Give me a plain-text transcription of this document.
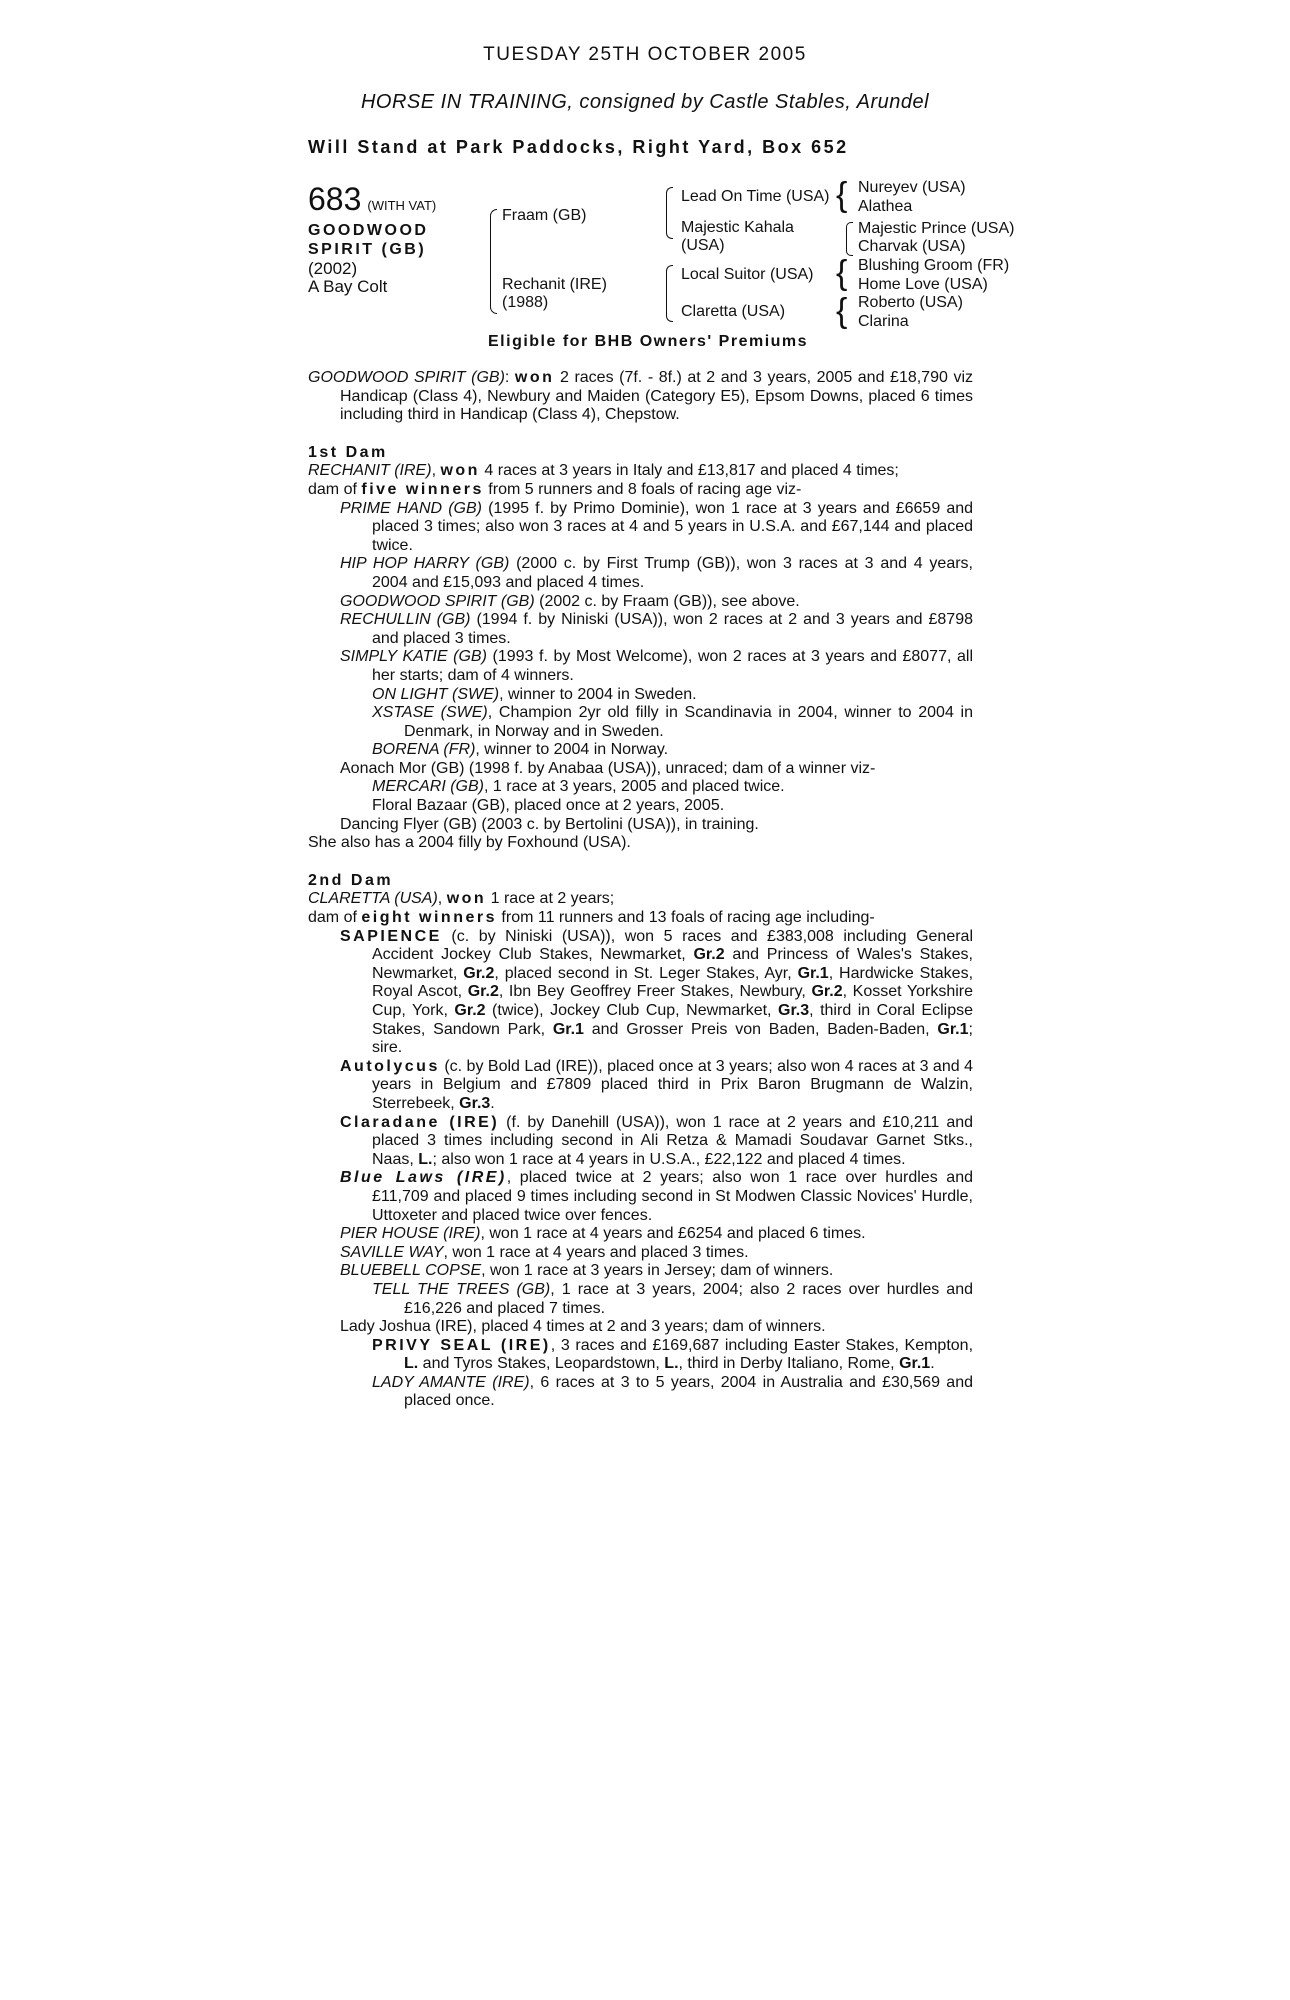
TUESDAY 25TH OCTOBER 2005
HORSE IN TRAINING, consigned by Castle Stables, Arundel
Will Stand at Park Paddocks, Right Yard, Box 652
683 (WITH VAT)
GOODWOOD
SPIRIT (GB)
(2002)
A Bay Colt
Fraam (GB)
Rechanit (IRE)
(1988)
Lead On Time (USA)
Majestic Kahala
(USA)
Local Suitor (USA)
Claretta (USA)
{ Nureyev (USA)
Alathea
Majestic Prince (USA)
Charvak (USA)
{ Blushing Groom (FR)
Home Love (USA)
{ Roberto (USA)
Clarina
Eligible for BHB Owners' Premiums

GOODWOOD SPIRIT (GB): won 2 races (7f. - 8f.) at 2 and 3 years, 2005 and £18,790 viz Handicap (Class 4), Newbury and Maiden (Category E5), Epsom Downs, placed 6 times including third in Handicap (Class 4), Chepstow.

1st Dam

RECHANIT (IRE), won 4 races at 3 years in Italy and £13,817 and placed 4 times;

dam of five winners from 5 runners and 8 foals of racing age viz-

PRIME HAND (GB) (1995 f. by Primo Dominie), won 1 race at 3 years and £6659 and placed 3 times; also won 3 races at 4 and 5 years in U.S.A. and £67,144 and placed twice.

HIP HOP HARRY (GB) (2000 c. by First Trump (GB)), won 3 races at 3 and 4 years, 2004 and £15,093 and placed 4 times.

GOODWOOD SPIRIT (GB) (2002 c. by Fraam (GB)), see above.

RECHULLIN (GB) (1994 f. by Niniski (USA)), won 2 races at 2 and 3 years and £8798 and placed 3 times.

SIMPLY KATIE (GB) (1993 f. by Most Welcome), won 2 races at 3 years and £8077, all her starts; dam of 4 winners.

ON LIGHT (SWE), winner to 2004 in Sweden.

XSTASE (SWE), Champion 2yr old filly in Scandinavia in 2004, winner to 2004 in Denmark, in Norway and in Sweden.

BORENA (FR), winner to 2004 in Norway.

Aonach Mor (GB) (1998 f. by Anabaa (USA)), unraced; dam of a winner viz-

MERCARI (GB), 1 race at 3 years, 2005 and placed twice.

Floral Bazaar (GB), placed once at 2 years, 2005.

Dancing Flyer (GB) (2003 c. by Bertolini (USA)), in training.

She also has a 2004 filly by Foxhound (USA).

2nd Dam

CLARETTA (USA), won 1 race at 2 years;

dam of eight winners from 11 runners and 13 foals of racing age including-

SAPIENCE (c. by Niniski (USA)), won 5 races and £383,008 including General Accident Jockey Club Stakes, Newmarket, Gr.2 and Princess of Wales's Stakes, Newmarket, Gr.2, placed second in St. Leger Stakes, Ayr, Gr.1, Hardwicke Stakes, Royal Ascot, Gr.2, Ibn Bey Geoffrey Freer Stakes, Newbury, Gr.2, Kosset Yorkshire Cup, York, Gr.2 (twice), Jockey Club Cup, Newmarket, Gr.3, third in Coral Eclipse Stakes, Sandown Park, Gr.1 and Grosser Preis von Baden, Baden-Baden, Gr.1; sire.

Autolycus (c. by Bold Lad (IRE)), placed once at 3 years; also won 4 races at 3 and 4 years in Belgium and £7809 placed third in Prix Baron Brugmann de Walzin, Sterrebeek, Gr.3.

Claradane (IRE) (f. by Danehill (USA)), won 1 race at 2 years and £10,211 and placed 3 times including second in Ali Retza & Mamadi Soudavar Garnet Stks., Naas, L.; also won 1 race at 4 years in U.S.A., £22,122 and placed 4 times.

Blue Laws (IRE), placed twice at 2 years; also won 1 race over hurdles and £11,709 and placed 9 times including second in St Modwen Classic Novices' Hurdle, Uttoxeter and placed twice over fences.

PIER HOUSE (IRE), won 1 race at 4 years and £6254 and placed 6 times.

SAVILLE WAY, won 1 race at 4 years and placed 3 times.

BLUEBELL COPSE, won 1 race at 3 years in Jersey; dam of winners.

TELL THE TREES (GB), 1 race at 3 years, 2004; also 2 races over hurdles and £16,226 and placed 7 times.

Lady Joshua (IRE), placed 4 times at 2 and 3 years; dam of winners.

PRIVY SEAL (IRE), 3 races and £169,687 including Easter Stakes, Kempton, L. and Tyros Stakes, Leopardstown, L., third in Derby Italiano, Rome, Gr.1.

LADY AMANTE (IRE), 6 races at 3 to 5 years, 2004 in Australia and £30,569 and placed once.
